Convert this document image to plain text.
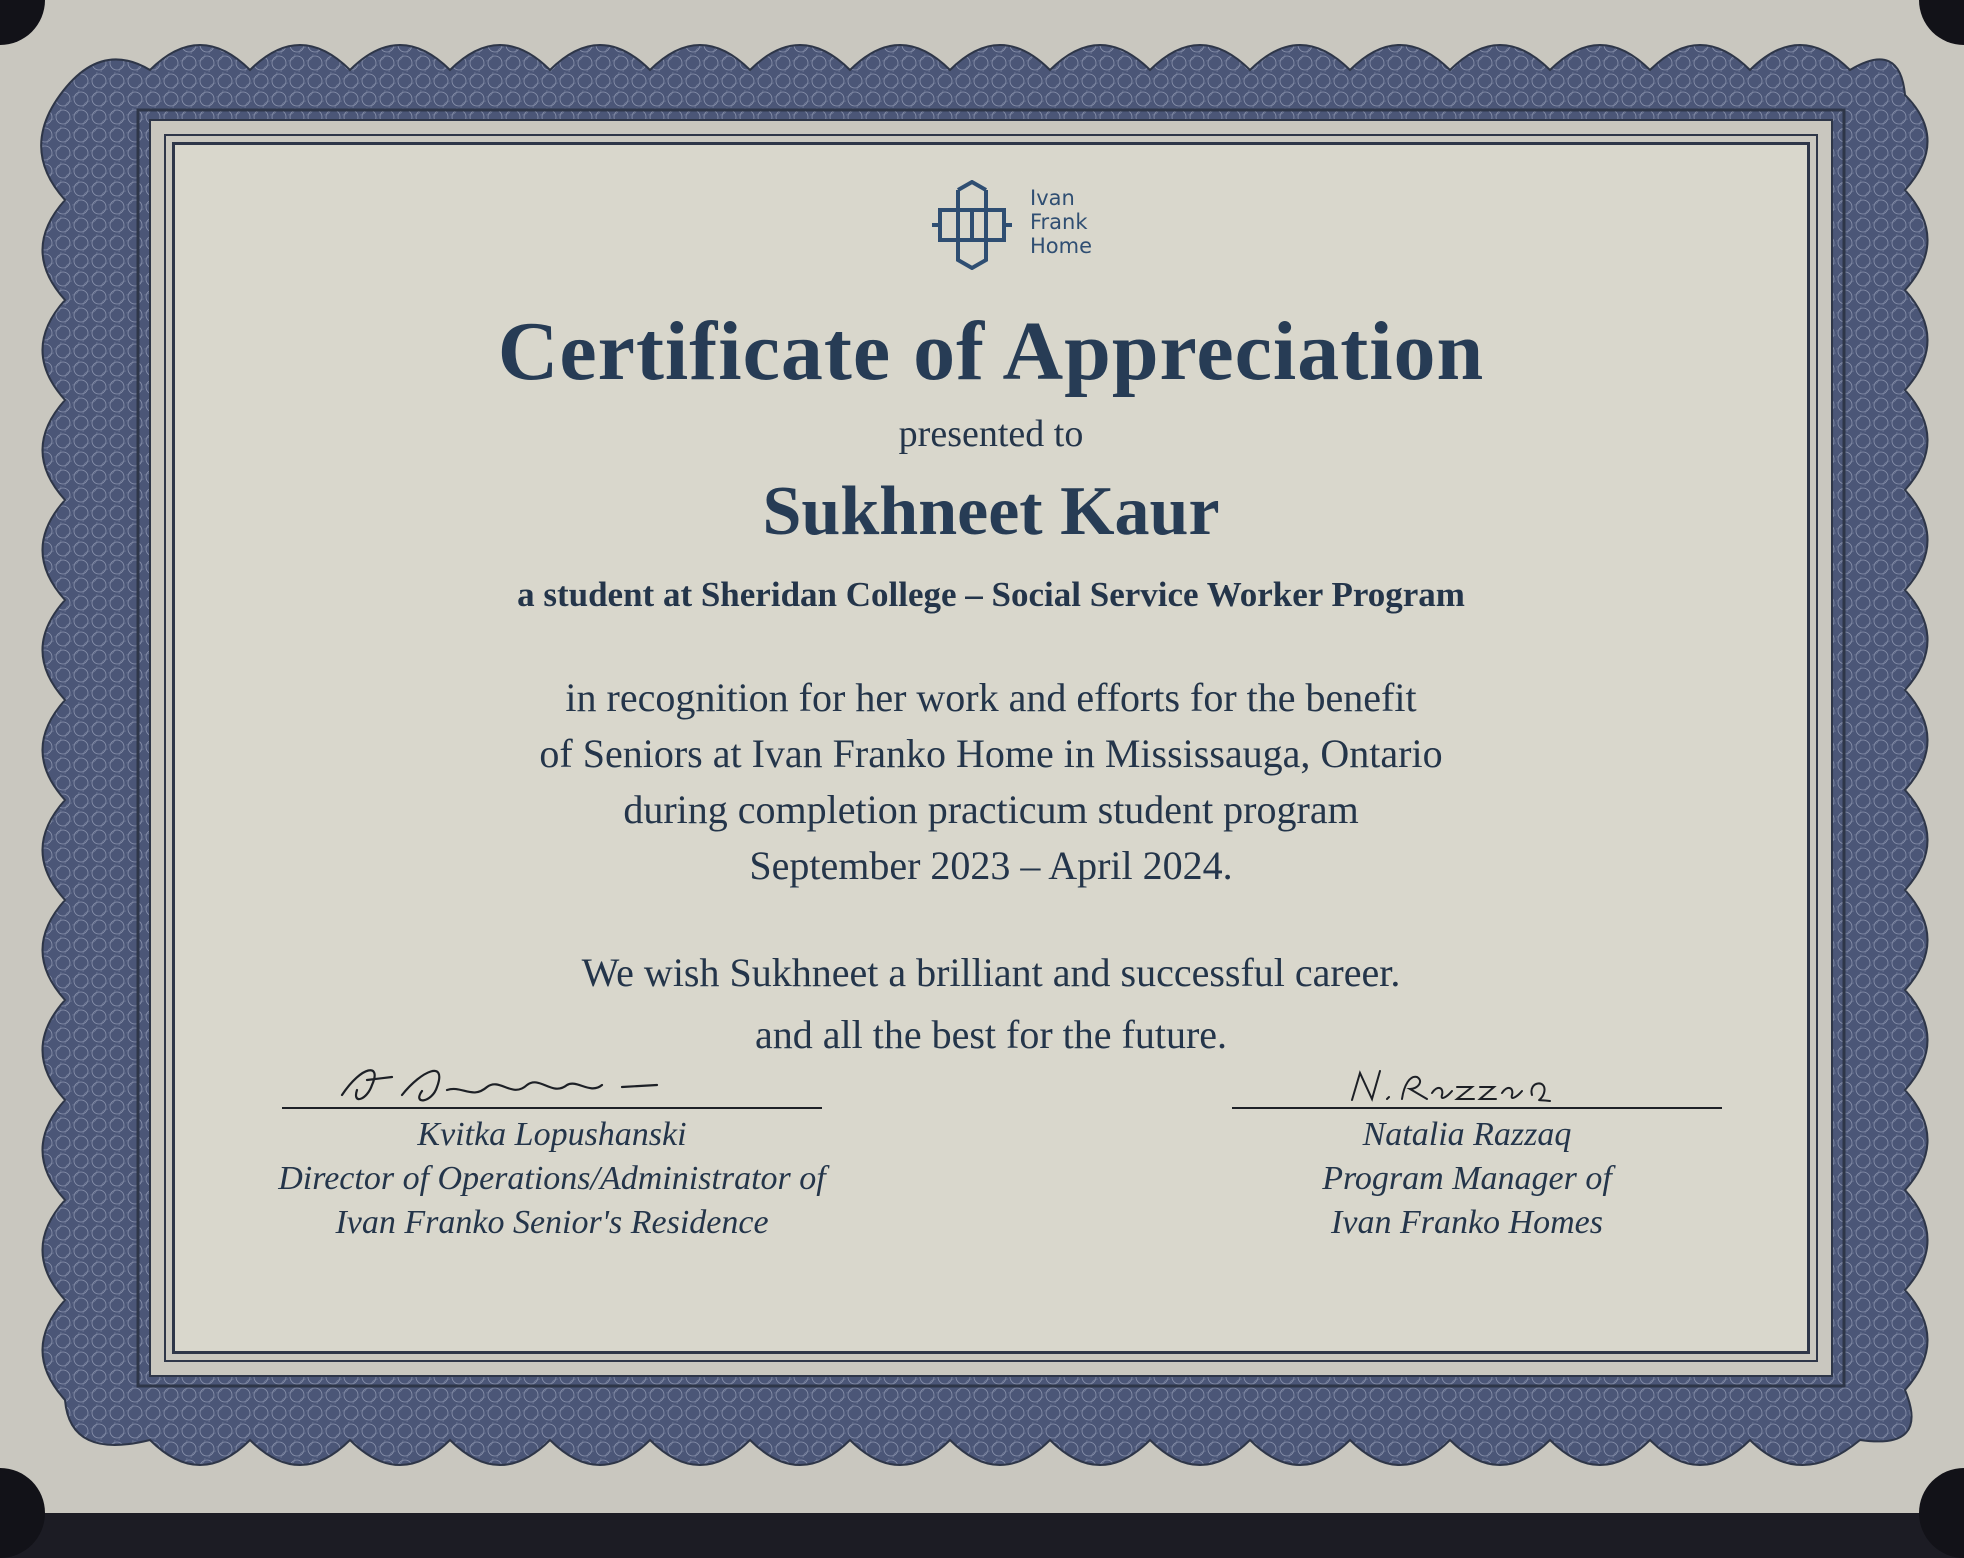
Ivan
Frank
Home
Certificate of Appreciation
presented to
Sukhneet Kaur
a student at Sheridan College – Social Service Worker Program
in recognition for her work and efforts for the benefit
of Seniors at Ivan Franko Home in Mississauga, Ontario
during completion practicum student program
September 2023 – April 2024.
We wish Sukhneet a brilliant and successful career.
and all the best for the future.
Kvitka Lopushanski
Director of Operations/Administrator of
Ivan Franko Senior's Residence
Natalia Razzaq
Program Manager of
Ivan Franko Homes
